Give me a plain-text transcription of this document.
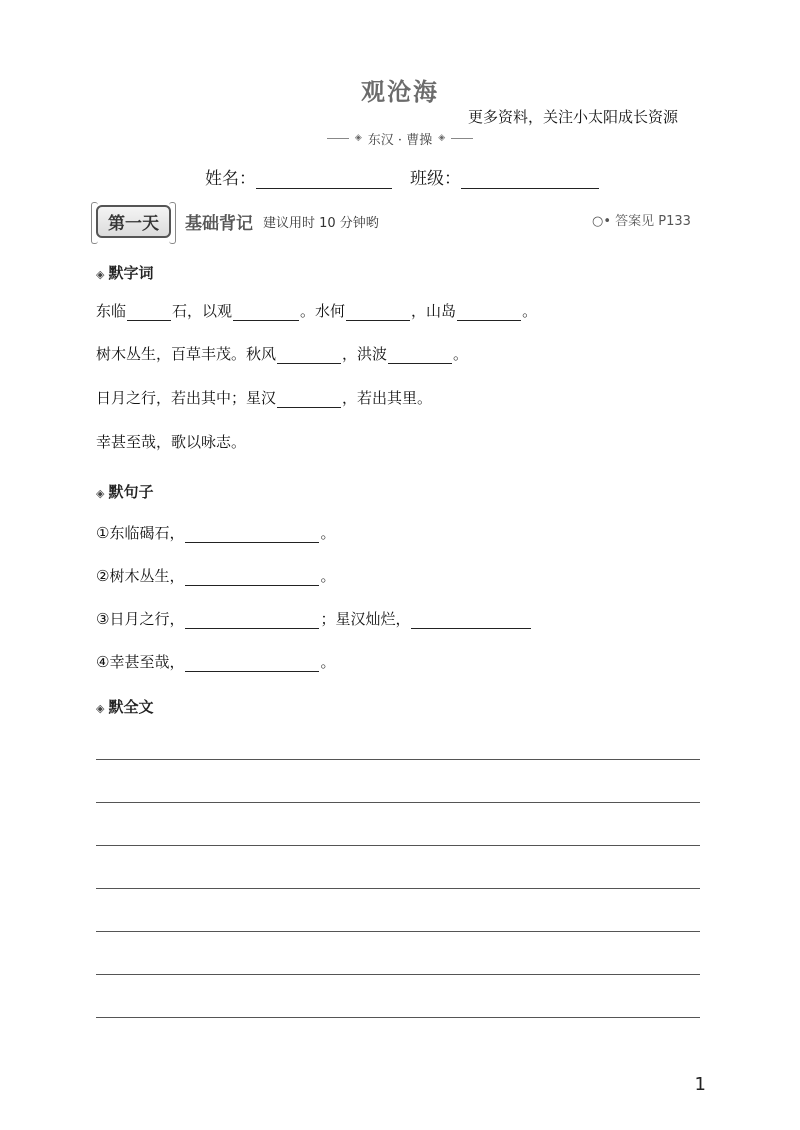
观沧海
更多资料，关注小太阳成长资源
◈ 东汉 · 曹操 ◈
姓名：	班级：
第一天	基础背记 建议用时 10 分钟哟	○• 答案见 P133
◈ 默字词
东临	石，以观	。水何	，山岛	。
树木丛生，百草丰茂。秋风	，洪波	。
日月之行，若出其中；星汉	，若出其里。
幸甚至哉，歌以咏志。
◈ 默句子
①东临碣石，	。
②树木丛生，	。
③日月之行，	；星汉灿烂，
④幸甚至哉，	。
◈ 默全文
1
